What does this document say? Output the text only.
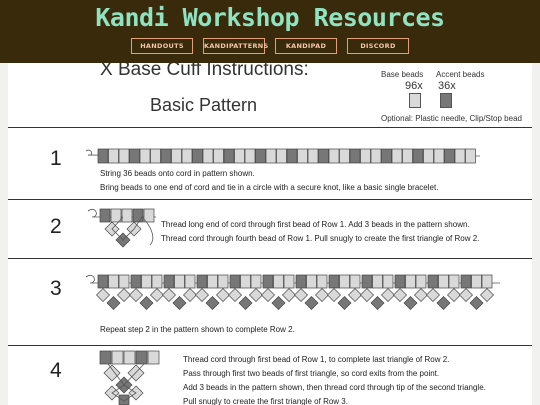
Kandi Workshop Resources
HANDOUTS	KANDIPATTERNS	KANDIPAD	DISCORD
X Base Cuff Instructions:
Basic Pattern
Base beads Accent beads
96x 36x
Optional: Plastic needle, Clip/Stop bead
1
String 36 beads onto cord in pattern shown.
Bring beads to one end of cord and tie in a circle with a secure knot, like a basic single bracelet.
2	Thread long end of cord through first bead of Row 1. Add 3 beads in the pattern shown.
Thread cord through fourth bead of Row 1. Pull snugly to create the first triangle of Row 2.
3
Repeat step 2 in the pattern shown to complete Row 2.
4	Thread cord through first bead of Row 1, to complete last triangle of Row 2.
Pass through first two beads of first triangle, so cord exits from the point.
Add 3 beads in the pattern shown, then thread cord through tip of the second triangle.
Pull snugly to create the first triangle of Row 3.
